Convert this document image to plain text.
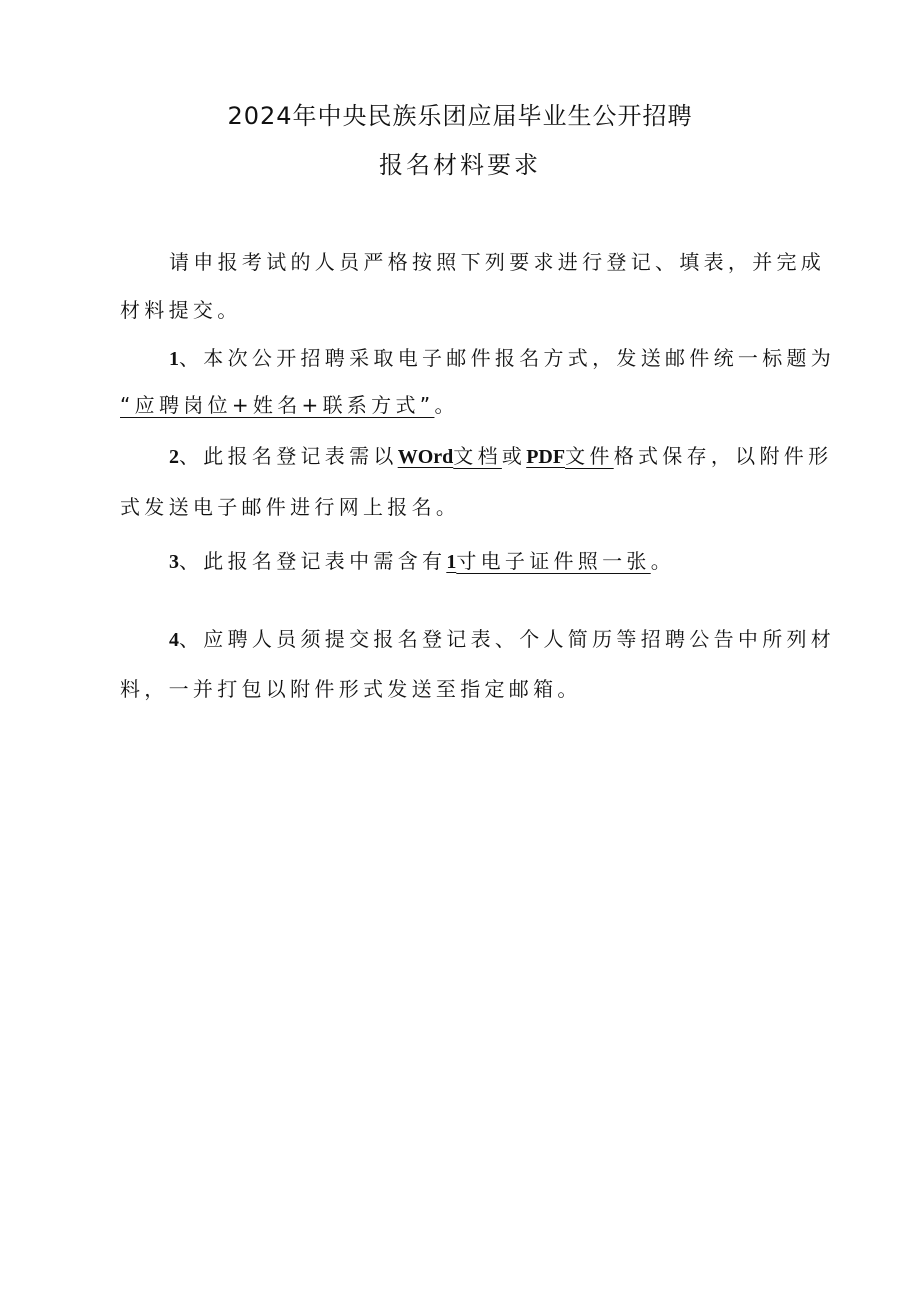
2024年中央民族乐团应届毕业生公开招聘
报名材料要求
请申报考试的人员严格按照下列要求进行登记、填表，并完成
材料提交。
1、本次公开招聘采取电子邮件报名方式，发送邮件统一标题为
“应聘岗位+姓名+联系方式”。
2、此报名登记表需以WOrd文档或PDF文件格式保存，以附件形
式发送电子邮件进行网上报名。
3、此报名登记表中需含有1寸电子证件照一张。
4、应聘人员须提交报名登记表、个人简历等招聘公告中所列材
料，一并打包以附件形式发送至指定邮箱。
